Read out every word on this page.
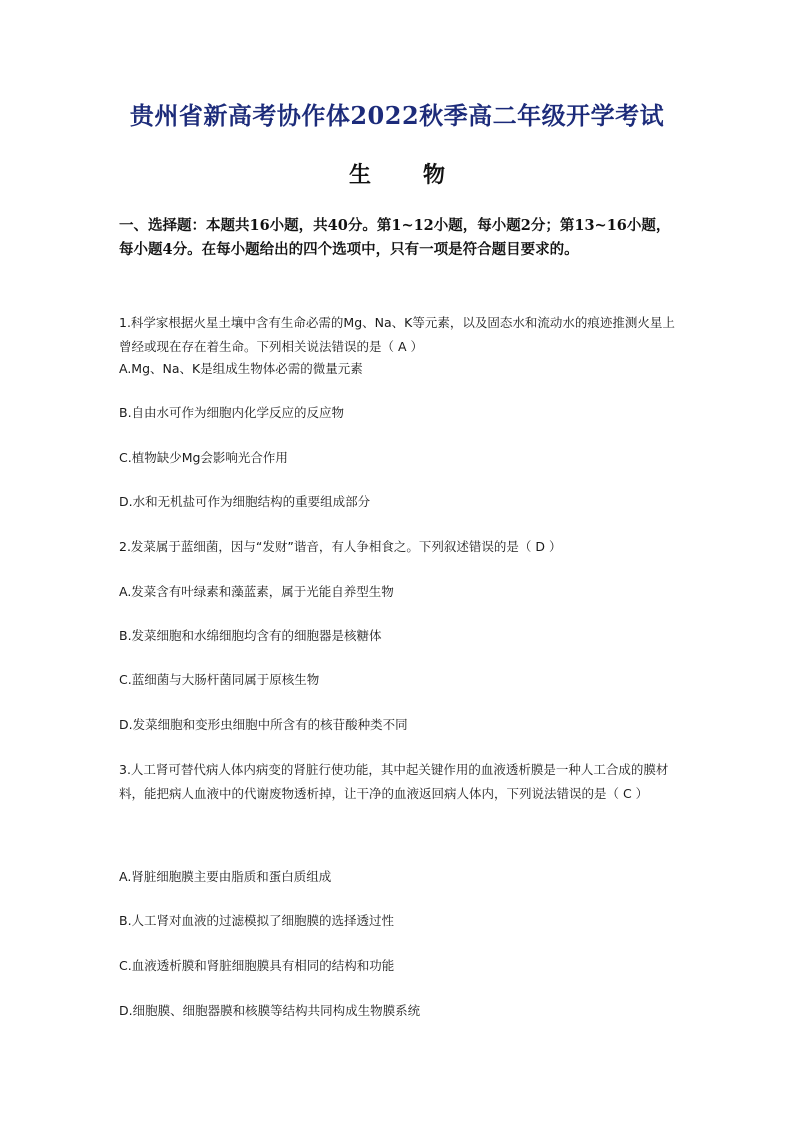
贵州省新高考协作体2022秋季高二年级开学考试
生 物
一、选择题：本题共16小题，共40分。第1~12小题，每小题2分；第13~16小题，每小题4分。在每小题给出的四个选项中，只有一项是符合题目要求的。
1.科学家根据火星土壤中含有生命必需的Mg、Na、K等元素，以及固态水和流动水的痕迹推测火星上曾经或现在存在着生命。下列相关说法错误的是（ A ）
A.Mg、Na、K是组成生物体必需的微量元素
B.自由水可作为细胞内化学反应的反应物
C.植物缺少Mg会影响光合作用
D.水和无机盐可作为细胞结构的重要组成部分
2.发菜属于蓝细菌，因与“发财”谐音，有人争相食之。下列叙述错误的是（ D ）
A.发菜含有叶绿素和藻蓝素，属于光能自养型生物
B.发菜细胞和水绵细胞均含有的细胞器是核糖体
C.蓝细菌与大肠杆菌同属于原核生物
D.发菜细胞和变形虫细胞中所含有的核苷酸种类不同
3.人工肾可替代病人体内病变的肾脏行使功能，其中起关键作用的血液透析膜是一种人工合成的膜材料，能把病人血液中的代谢废物透析掉，让干净的血液返回病人体内，下列说法错误的是（ C ）
A.肾脏细胞膜主要由脂质和蛋白质组成
B.人工肾对血液的过滤模拟了细胞膜的选择透过性
C.血液透析膜和肾脏细胞膜具有相同的结构和功能
D.细胞膜、细胞器膜和核膜等结构共同构成生物膜系统
